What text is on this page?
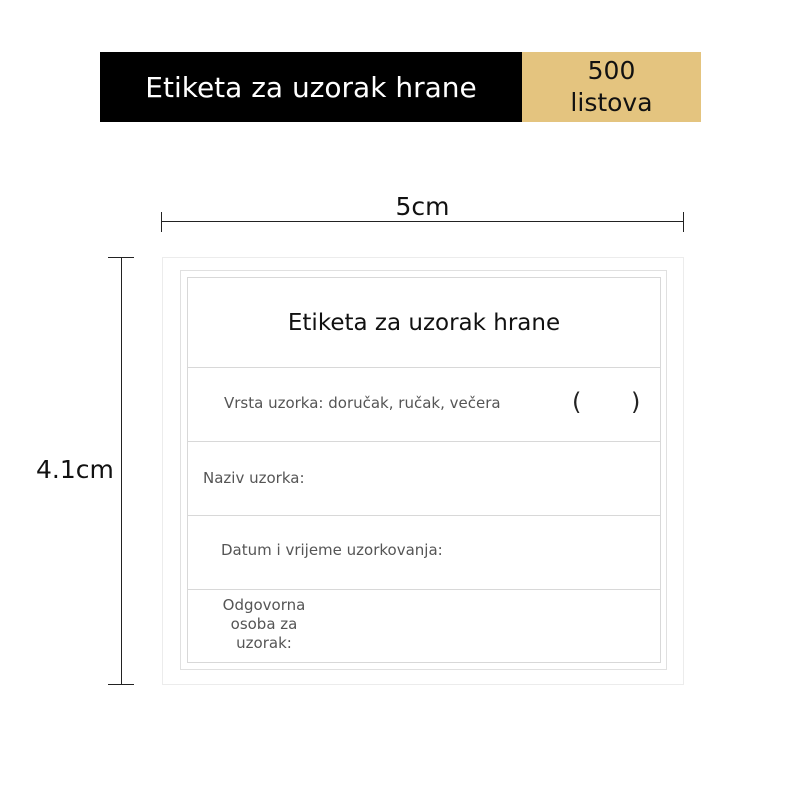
Etiketa za uzorak hrane	500
listova
5cm
4.1cm
Etiketa za uzorak hrane
Vrsta uzorka: doručak, ručak, večera	( )
Naziv uzorka:
Datum i vrijeme uzorkovanja:
Odgovorna
osoba za
uzorak:
